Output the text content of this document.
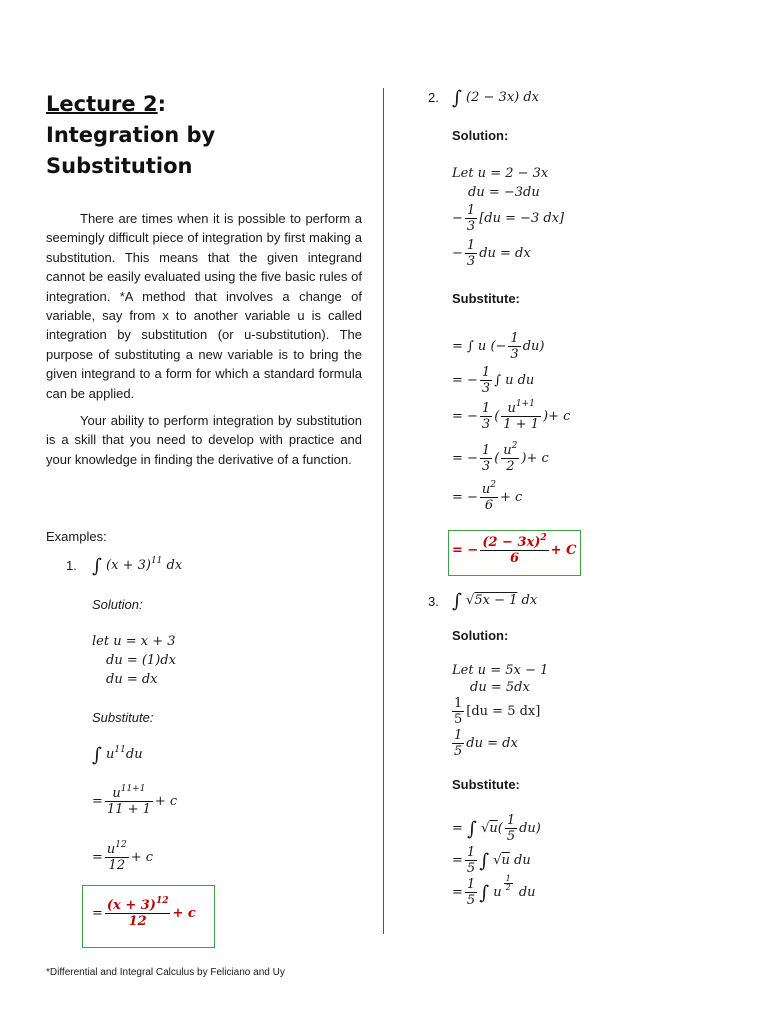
Lecture 2:
Integration by
Substitution
There are times when it is possible to perform a seemingly difficult piece of integration by first making a substitution. This means that the given integrand cannot be easily evaluated using the five basic rules of integration. *A method that involves a change of variable, say from x to another variable u is called integration by substitution (or u-substitution). The purpose of substituting a new variable is to bring the given integrand to a form for which a standard formula can be applied.
Your ability to perform integration by substitution is a skill that you need to develop with practice and your knowledge in finding the derivative of a function.
Examples:
1. ∫ $(x + 3)^{11}$ dx
Solution:
let u = x + 3
du = (1)dx
du = dx
Substitute:
∫ $u^{11}du$
= $\frac{u^{11+1}}{11 + 1} + c$
= $\frac{u^{12}}{12} + c$
= $\frac{(x + 3)^{12}}{12} + c$
2. ∫ (2 − 3x) dx
Solution:
Let u = 2 − 3x
du = −3du
− $\frac{1}{3} [du = -3$ dx]
− $\frac{1}{3}$ du = dx
Substitute:
= ∫ u (− $\frac{1}{3} du$)
= − $\frac{1}{3}$ ∫ u du
= − $\frac{1}{3}$ ( $\frac{u^{1+1}}{1 + 1}$ )+ c
= − $\frac{1}{3}$ ( $\frac{u^2}{2}$ )+ c
= − $\frac{u^2}{6} + c$
= − $\frac{(2 - 3x)^2}{6} + C$
3. ∫ √5x − 1 dx
Solution:
Let u = 5x − 1
du = 5dx
$\frac{1}{5} [du = 5$ dx]
$\frac{1}{5}$ du = dx
Substitute:
= ∫ $√u( \frac{1}{5} du)$
= $\frac{1}{5}$ ∫ √u du
= $\frac{1}{5}$ ∫ u
$\frac{1}{2}$
du
*Differential and Integral Calculus by Feliciano and Uy
